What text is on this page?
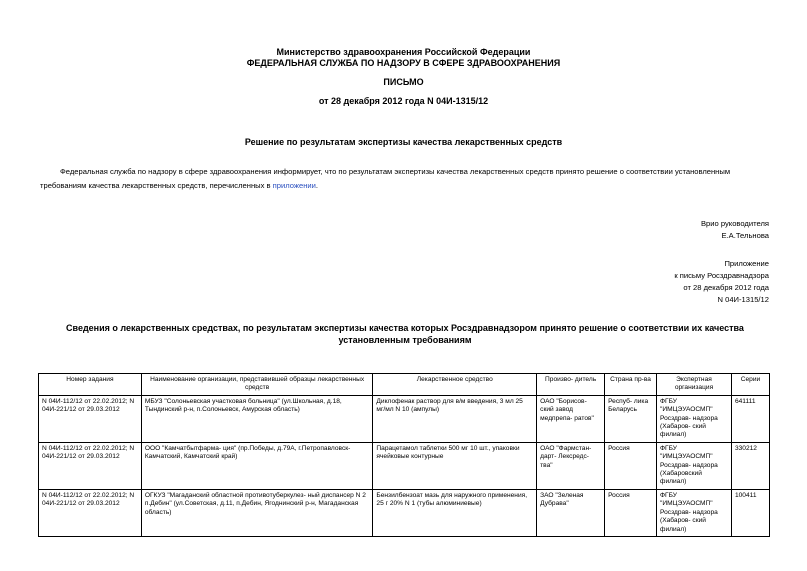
Министерство здравоохранения Российской Федерации
ФЕДЕРАЛЬНАЯ СЛУЖБА ПО НАДЗОРУ В СФЕРЕ ЗДРАВООХРАНЕНИЯ
ПИСЬМО
от 28 декабря 2012 года N 04И-1315/12
Решение по результатам экспертизы качества лекарственных средств
Федеральная служба по надзору в сфере здравоохранения информирует, что по результатам экспертизы качества лекарственных средств принято решение о соответствии установленным требованиям качества лекарственных средств, перечисленных в приложении.
Врио руководителя
Е.А.Тельнова
Приложение
к письму Росздравнадзора
от 28 декабря 2012 года
N 04И-1315/12
Сведения о лекарственных средствах, по результатам экспертизы качества которых Росздравнадзором принято решение о соответствии их качества установленным требованиям
Номер задания	Наименование организации, представившей образцы лекарственных средств	Лекарственное средство	Произво- дитель	Страна пр-ва	Экспертная организация	Серии
N 04И-112/12 от 22.02.2012; N 04И-221/12 от 29.03.2012	МБУЗ "Солоньевская участковая больница" (ул.Школьная, д.18, Тындинский р-н, п.Солоньевск, Амурская область)	Диклофенак раствор для в/м введения, 3 мл 25 мг/мл N 10 (ампулы)	ОАО "Борисов- ский завод медпрепа- ратов"	Респуб- лика Беларусь	ФГБУ "ИМЦЭУАОСМП" Росздрав- надзора (Хабаров- ский филиал)	641111
N 04И-112/12 от 22.02.2012; N 04И-221/12 от 29.03.2012	ООО "Камчатбытфарма- ция" (пр.Победы, д.79А, г.Петропавловск-Камчатский, Камчатский край)	Парацетамол таблетки 500 мг 10 шт., упаковки ячейковые контурные	ОАО "Фармстан- дарт- Лексредс- тва"	Россия	ФГБУ "ИМЦЭУАОСМП" Росздрав- надзора (Хабаровский филиал)	330212
N 04И-112/12 от 22.02.2012; N 04И-221/12 от 29.03.2012	ОГКУЗ "Магаданский областной противотуберкулез- ный диспансер N 2 п.Дебин" (ул.Советская, д.11, п.Дебин, Ягоднинский р-н, Магаданская область)	Бензилбензоат мазь для наружного применения, 25 г 20% N 1 (тубы алюминиевые)	ЗАО "Зеленая Дубрава"	Россия	ФГБУ "ИМЦЭУАОСМП" Росздрав- надзора (Хабаров- ский филиал)	100411
